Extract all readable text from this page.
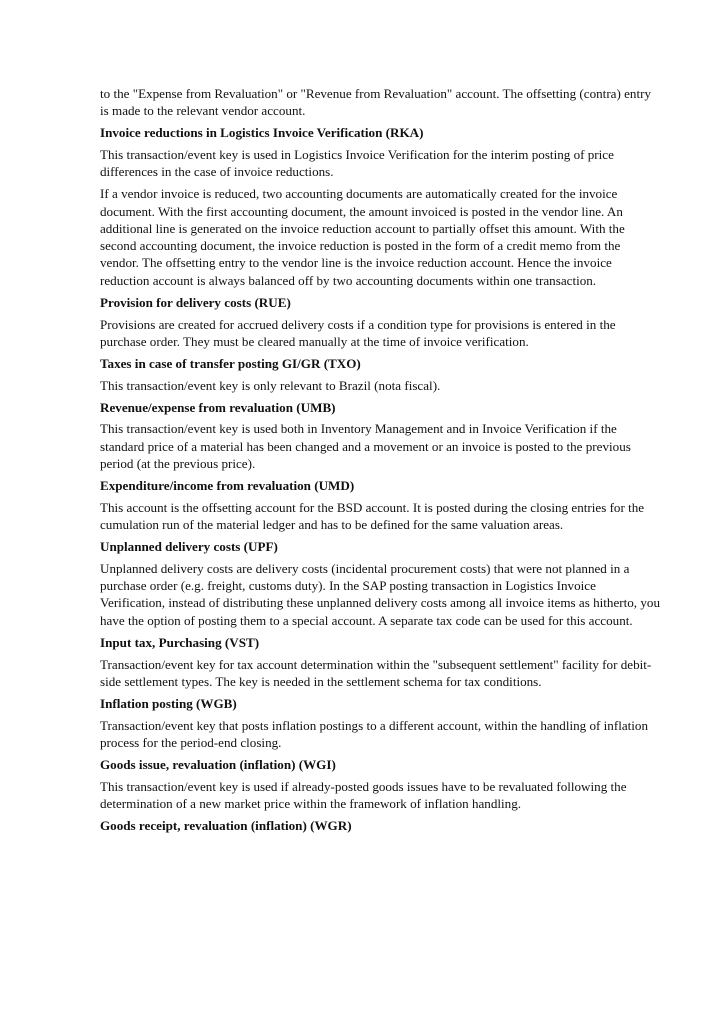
to the "Expense from Revaluation" or "Revenue from Revaluation" account. The offsetting (contra) entry is made to the relevant vendor account.

Invoice reductions in Logistics Invoice Verification (RKA)

This transaction/event key is used in Logistics Invoice Verification for the interim posting of price differences in the case of invoice reductions.

If a vendor invoice is reduced, two accounting documents are automatically created for the invoice document. With the first accounting document, the amount invoiced is posted in the vendor line. An additional line is generated on the invoice reduction account to partially offset this amount. With the second accounting document, the invoice reduction is posted in the form of a credit memo from the vendor. The offsetting entry to the vendor line is the invoice reduction account. Hence the invoice reduction account is always balanced off by two accounting documents within one transaction.

Provision for delivery costs (RUE)

Provisions are created for accrued delivery costs if a condition type for provisions is entered in the purchase order. They must be cleared manually at the time of invoice verification.

Taxes in case of transfer posting GI/GR (TXO)

This transaction/event key is only relevant to Brazil (nota fiscal).

Revenue/expense from revaluation (UMB)

This transaction/event key is used both in Inventory Management and in Invoice Verification if the standard price of a material has been changed and a movement or an invoice is posted to the previous period (at the previous price).

Expenditure/income from revaluation (UMD)

This account is the offsetting account for the BSD account. It is posted during the closing entries for the cumulation run of the material ledger and has to be defined for the same valuation areas.

Unplanned delivery costs (UPF)

Unplanned delivery costs are delivery costs (incidental procurement costs) that were not planned in a purchase order (e.g. freight, customs duty). In the SAP posting transaction in Logistics Invoice Verification, instead of distributing these unplanned delivery costs among all invoice items as hitherto, you have the option of posting them to a special account. A separate tax code can be used for this account.

Input tax, Purchasing (VST)

Transaction/event key for tax account determination within the "subsequent settlement" facility for debit-side settlement types. The key is needed in the settlement schema for tax conditions.

Inflation posting (WGB)

Transaction/event key that posts inflation postings to a different account, within the handling of inflation process for the period-end closing.

Goods issue, revaluation (inflation) (WGI)

This transaction/event key is used if already-posted goods issues have to be revaluated following the determination of a new market price within the framework of inflation handling.

Goods receipt, revaluation (inflation) (WGR)
